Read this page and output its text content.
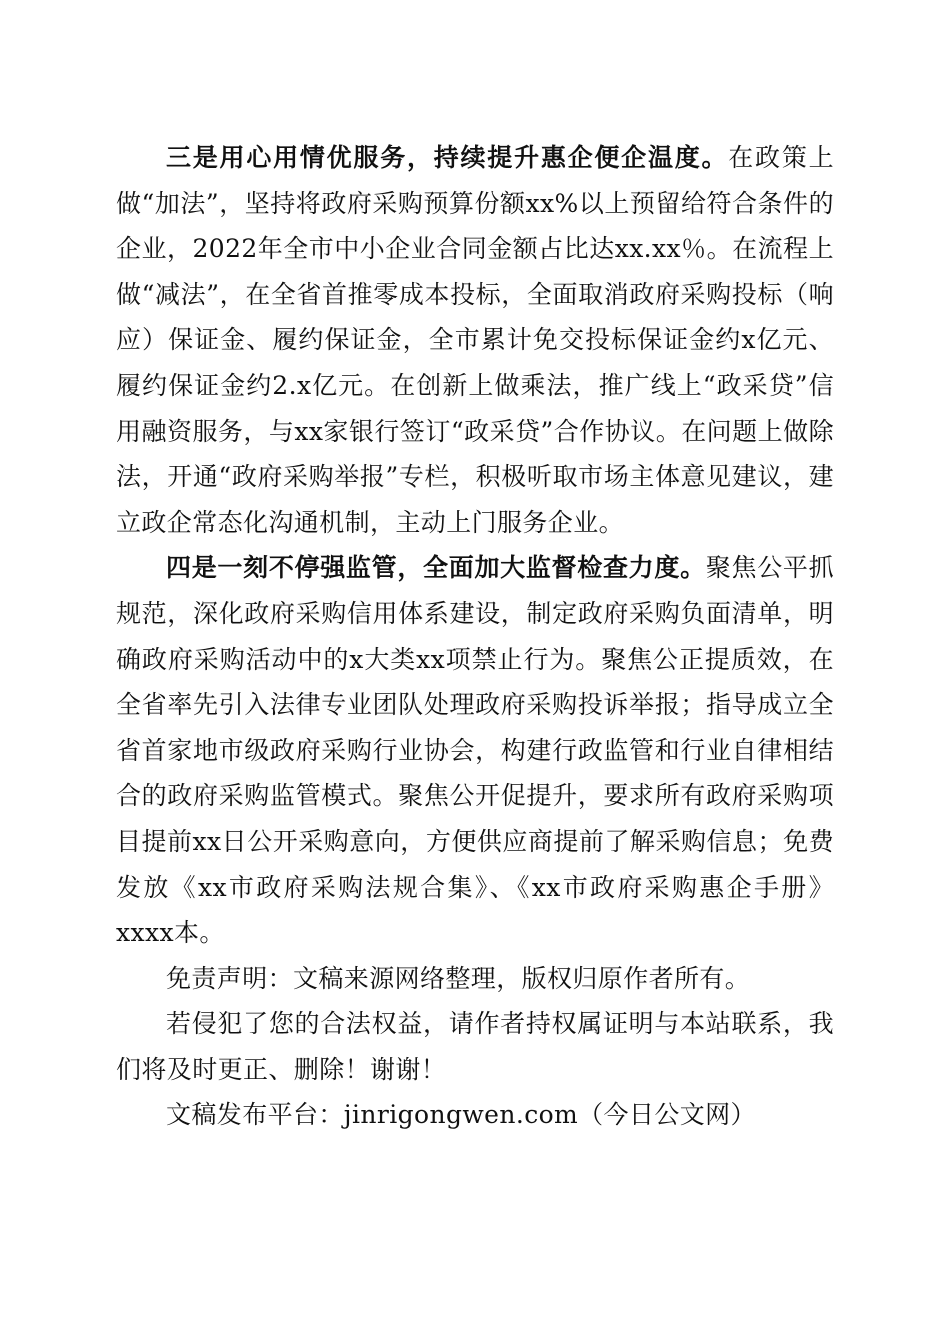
三是用心用情优服务，持续提升惠企便企温度。在政策上做“加法”，坚持将政府采购预算份额xx%以上预留给符合条件的企业，2022年全市中小企业合同金额占比达xx.xx％。在流程上做“减法”，在全省首推零成本投标，全面取消政府采购投标（响应）保证金、履约保证金，全市累计免交投标保证金约x亿元、履约保证金约2.x亿元。在创新上做乘法，推广线上“政采贷”信用融资服务，与xx家银行签订“政采贷”合作协议。在问题上做除法，开通“政府采购举报”专栏，积极听取市场主体意见建议，建立政企常态化沟通机制，主动上门服务企业。

四是一刻不停强监管，全面加大监督检查力度。聚焦公平抓规范，深化政府采购信用体系建设，制定政府采购负面清单，明确政府采购活动中的x大类xx项禁止行为。聚焦公正提质效，在全省率先引入法律专业团队处理政府采购投诉举报；指导成立全省首家地市级政府采购行业协会，构建行政监管和行业自律相结合的政府采购监管模式。聚焦公开促提升，要求所有政府采购项目提前xx日公开采购意向，方便供应商提前了解采购信息；免费发放《xx市政府采购法规合集》、《xx市政府采购惠企手册》xxxx本。

免责声明：文稿来源网络整理，版权归原作者所有。

若侵犯了您的合法权益，请作者持权属证明与本站联系，我们将及时更正、删除！谢谢！

文稿发布平台：jinrigongwen.com（今日公文网）
